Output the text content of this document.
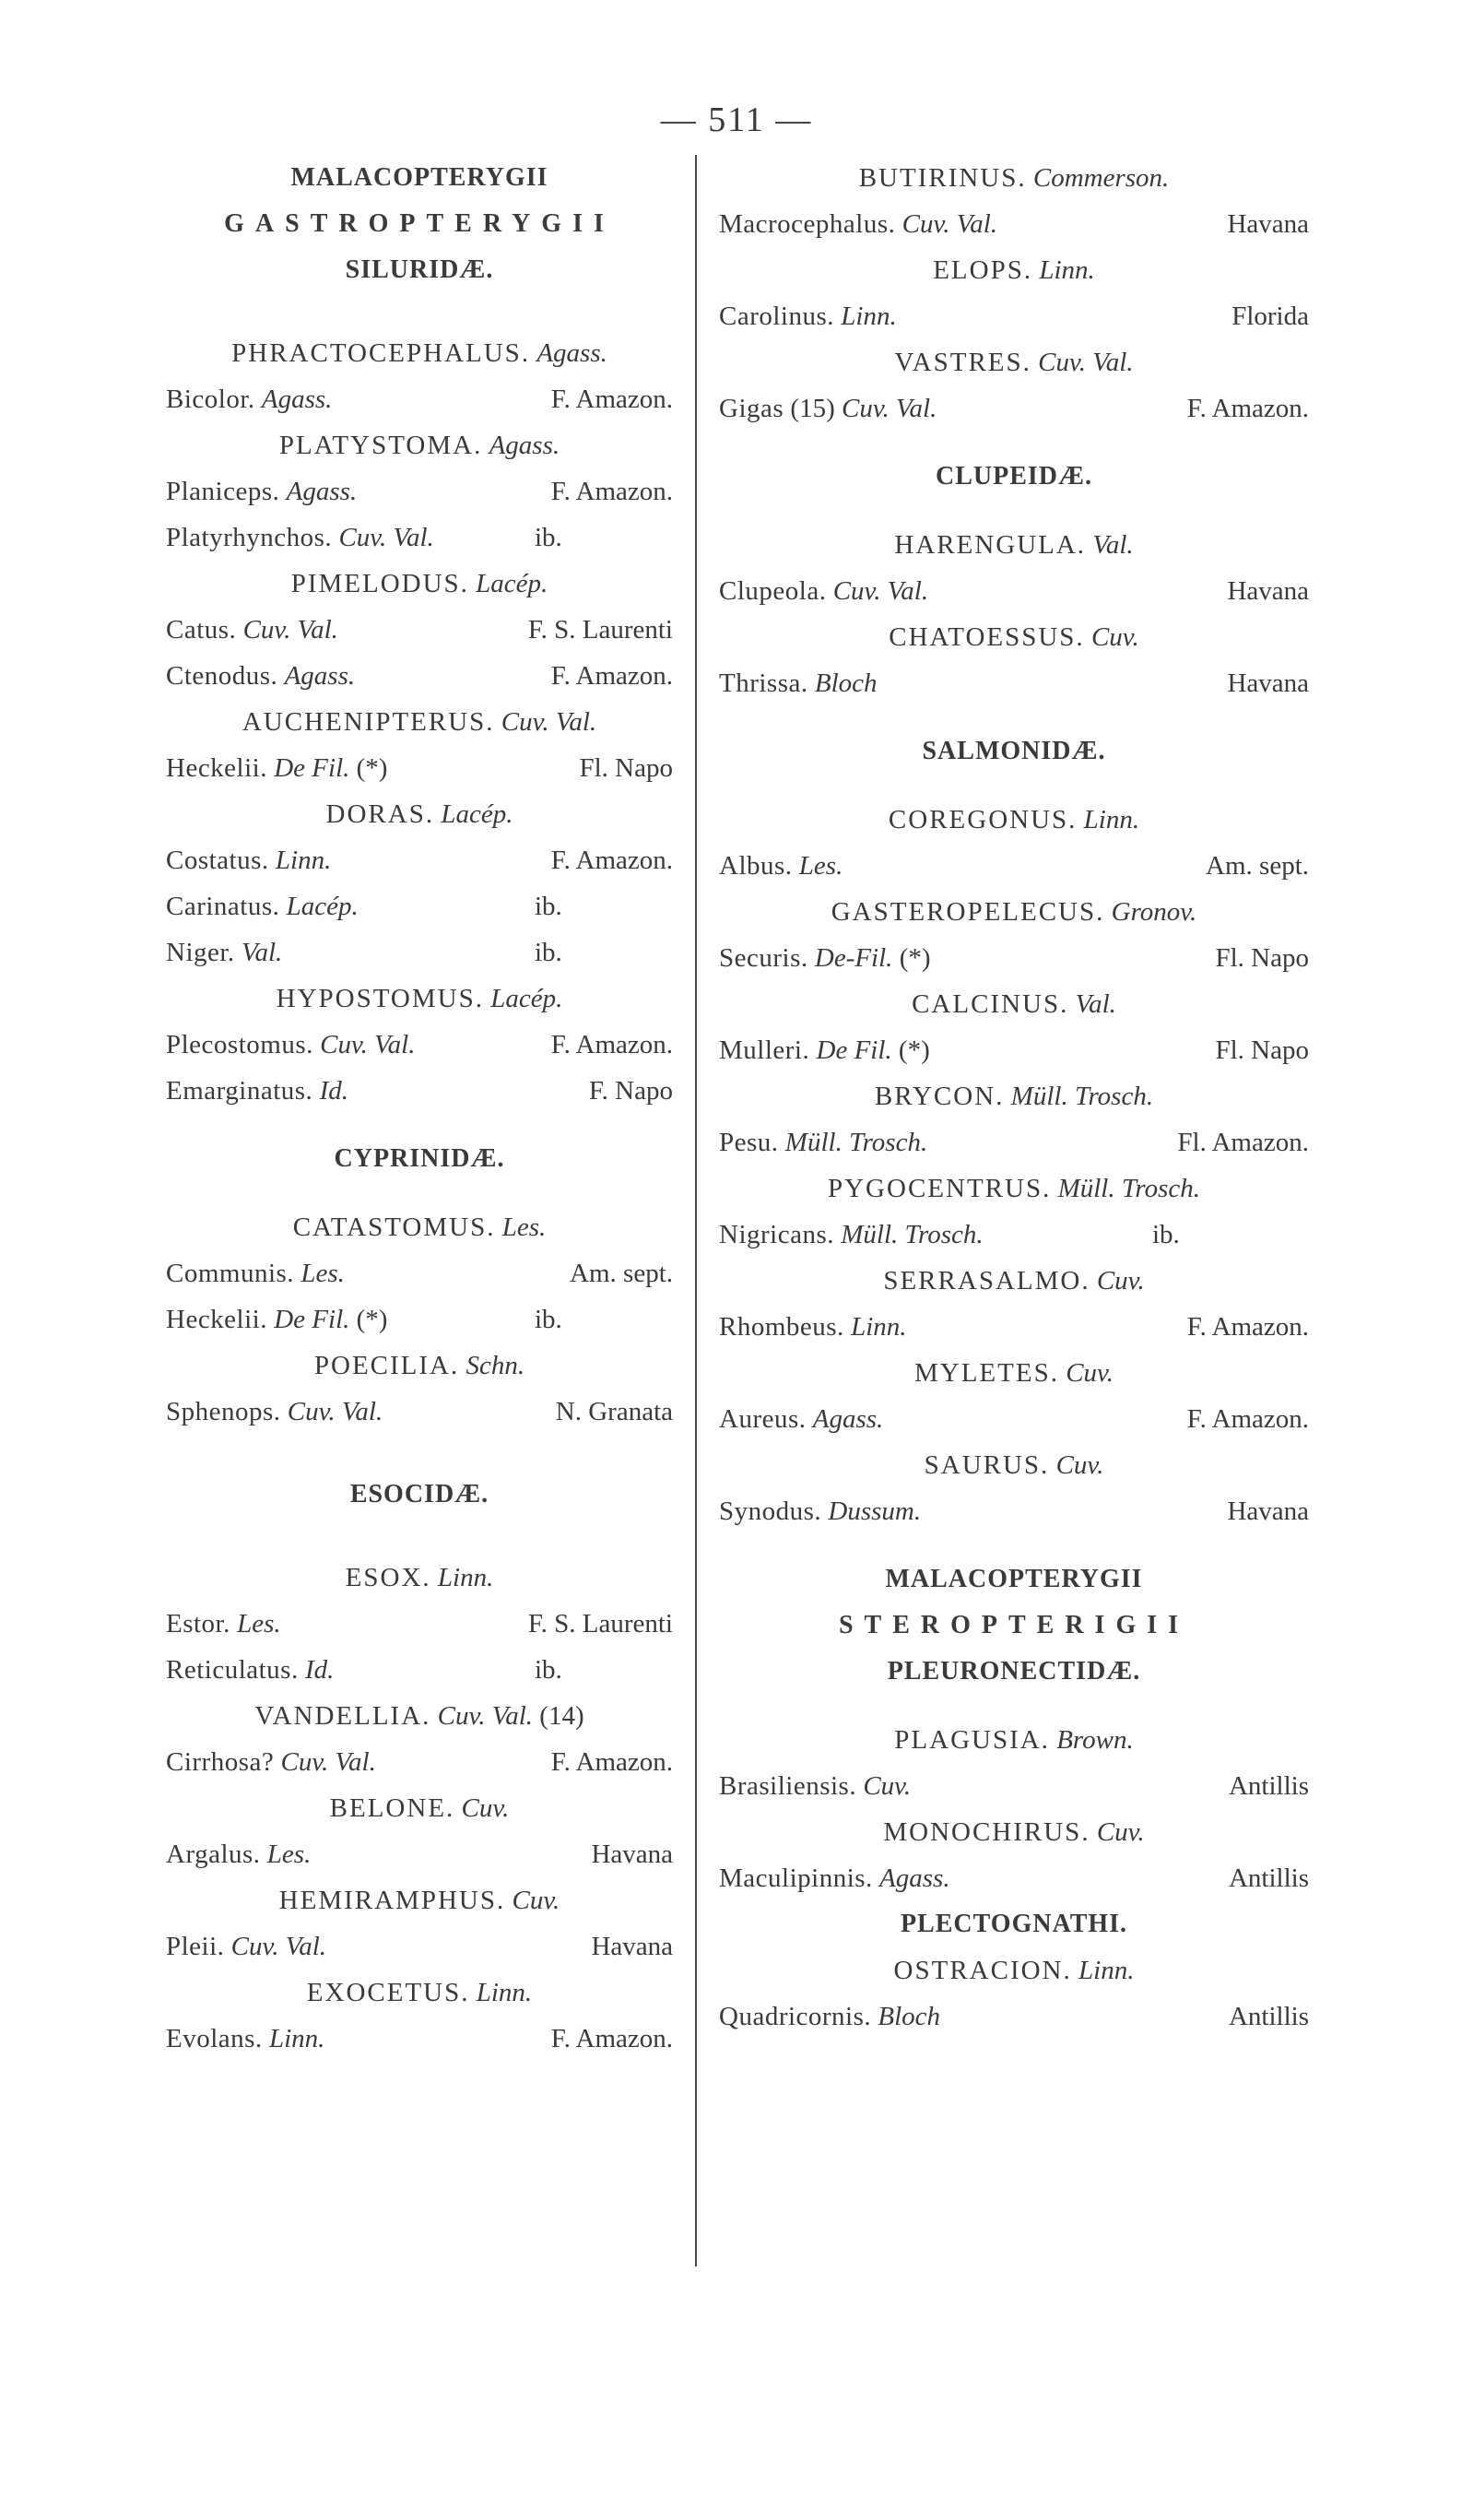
— 511 —
MALACOPTERYGII
GASTROPTERYGII
SILURIDÆ.
PHRACTOCEPHALUS. Agass.
Bicolor. Agass.	F. Amazon.
PLATYSTOMA. Agass.
Planiceps. Agass.	F. Amazon.
Platyrhynchos. Cuv. Val.	ib.
PIMELODUS. Lacép.
Catus. Cuv. Val.	F. S. Laurenti
Ctenodus. Agass.	F. Amazon.
AUCHENIPTERUS. Cuv. Val.
Heckelii. De Fil. (*)	Fl. Napo
DORAS. Lacép.
Costatus. Linn.	F. Amazon.
Carinatus. Lacép.	ib.
Niger. Val.	ib.
HYPOSTOMUS. Lacép.
Plecostomus. Cuv. Val.	F. Amazon.
Emarginatus. Id.	F. Napo
CYPRINIDÆ.
CATASTOMUS. Les.
Communis. Les.	Am. sept.
Heckelii. De Fil. (*)	ib.
POECILIA. Schn.
Sphenops. Cuv. Val.	N. Granata
ESOCIDÆ.
ESOX. Linn.
Estor. Les.	F. S. Laurenti
Reticulatus. Id.	ib.
VANDELLIA. Cuv. Val. (14)
Cirrhosa? Cuv. Val.	F. Amazon.
BELONE. Cuv.
Argalus. Les.	Havana
HEMIRAMPHUS. Cuv.
Pleii. Cuv. Val.	Havana
EXOCETUS. Linn.
Evolans. Linn.	F. Amazon.
BUTIRINUS. Commerson.
Macrocephalus. Cuv. Val.	Havana
ELOPS. Linn.
Carolinus. Linn.	Florida
VASTRES. Cuv. Val.
Gigas (15) Cuv. Val.	F. Amazon.
CLUPEIDÆ.
HARENGULA. Val.
Clupeola. Cuv. Val.	Havana
CHATOESSUS. Cuv.
Thrissa. Bloch	Havana
SALMONIDÆ.
COREGONUS. Linn.
Albus. Les.	Am. sept.
GASTEROPELECUS. Gronov.
Securis. De-Fil. (*)	Fl. Napo
CALCINUS. Val.
Mulleri. De Fil. (*)	Fl. Napo
BRYCON. Müll. Trosch.
Pesu. Müll. Trosch.	Fl. Amazon.
PYGOCENTRUS. Müll. Trosch.
Nigricans. Müll. Trosch.	ib.
SERRASALMO. Cuv.
Rhombeus. Linn.	F. Amazon.
MYLETES. Cuv.
Aureus. Agass.	F. Amazon.
SAURUS. Cuv.
Synodus. Dussum.	Havana
MALACOPTERYGII
STEROPTERIGII
PLEURONECTIDÆ.
PLAGUSIA. Brown.
Brasiliensis. Cuv.	Antillis
MONOCHIRUS. Cuv.
Maculipinnis. Agass.	Antillis
PLECTOGNATHI.
OSTRACION. Linn.
Quadricornis. Bloch	Antillis
